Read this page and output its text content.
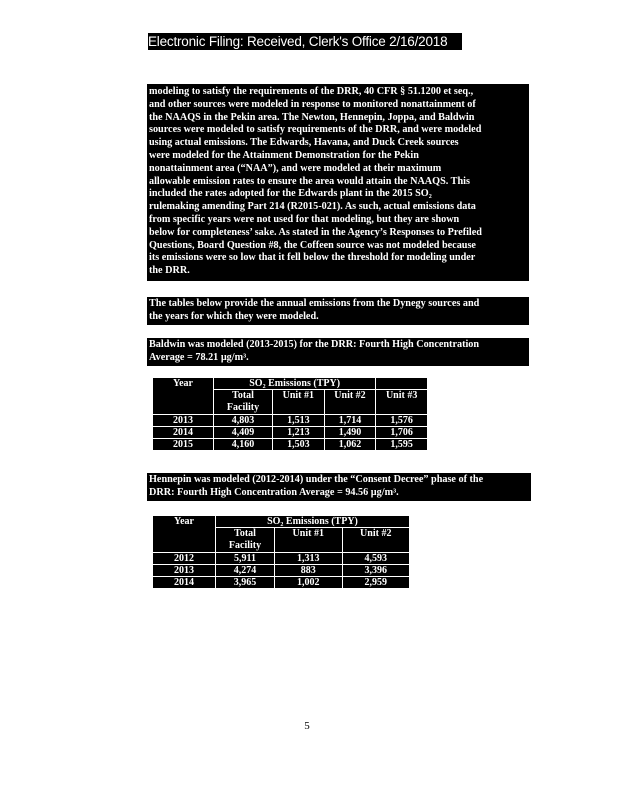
Electronic Filing: Received, Clerk's Office 2/16/2018

modeling to satisfy the requirements of the DRR, 40 CFR § 51.1200 et seq.,

and other sources were modeled in response to monitored nonattainment of

the NAAQS in the Pekin area. The Newton, Hennepin, Joppa, and Baldwin

sources were modeled to satisfy requirements of the DRR, and were modeled

using actual emissions. The Edwards, Havana, and Duck Creek sources

were modeled for the Attainment Demonstration for the Pekin

nonattainment area (“NAA”), and were modeled at their maximum

allowable emission rates to ensure the area would attain the NAAQS. This

included the rates adopted for the Edwards plant in the 2015 SO₂

rulemaking amending Part 214 (R2015-021). As such, actual emissions data

from specific years were not used for that modeling, but they are shown

below for completeness’ sake. As stated in the Agency’s Responses to Prefiled

Questions, Board Question #8, the Coffeen source was not modeled because

its emissions were so low that it fell below the threshold for modeling under

the DRR.

The tables below provide the annual emissions from the Dynegy sources and

the years for which they were modeled.

Baldwin was modeled (2013-2015) for the DRR: Fourth High Concentration

Average = 78.21 µg/m³.

Year	SO₂ Emissions (TPY)			
	Total Facility	Unit #1	Unit #2	Unit #3
2013	4,803	1,513	1,714	1,576
2014	4,409	1,213	1,490	1,706
2015	4,160	1,503	1,062	1,595

Hennepin was modeled (2012-2014) under the “Consent Decree” phase of the

DRR: Fourth High Concentration Average = 94.56 µg/m³.

Year	SO₂ Emissions (TPY)		
	Total Facility	Unit #1	Unit #2
2012	5,911	1,313	4,593
2013	4,274	883	3,396
2014	3,965	1,002	2,959
5
